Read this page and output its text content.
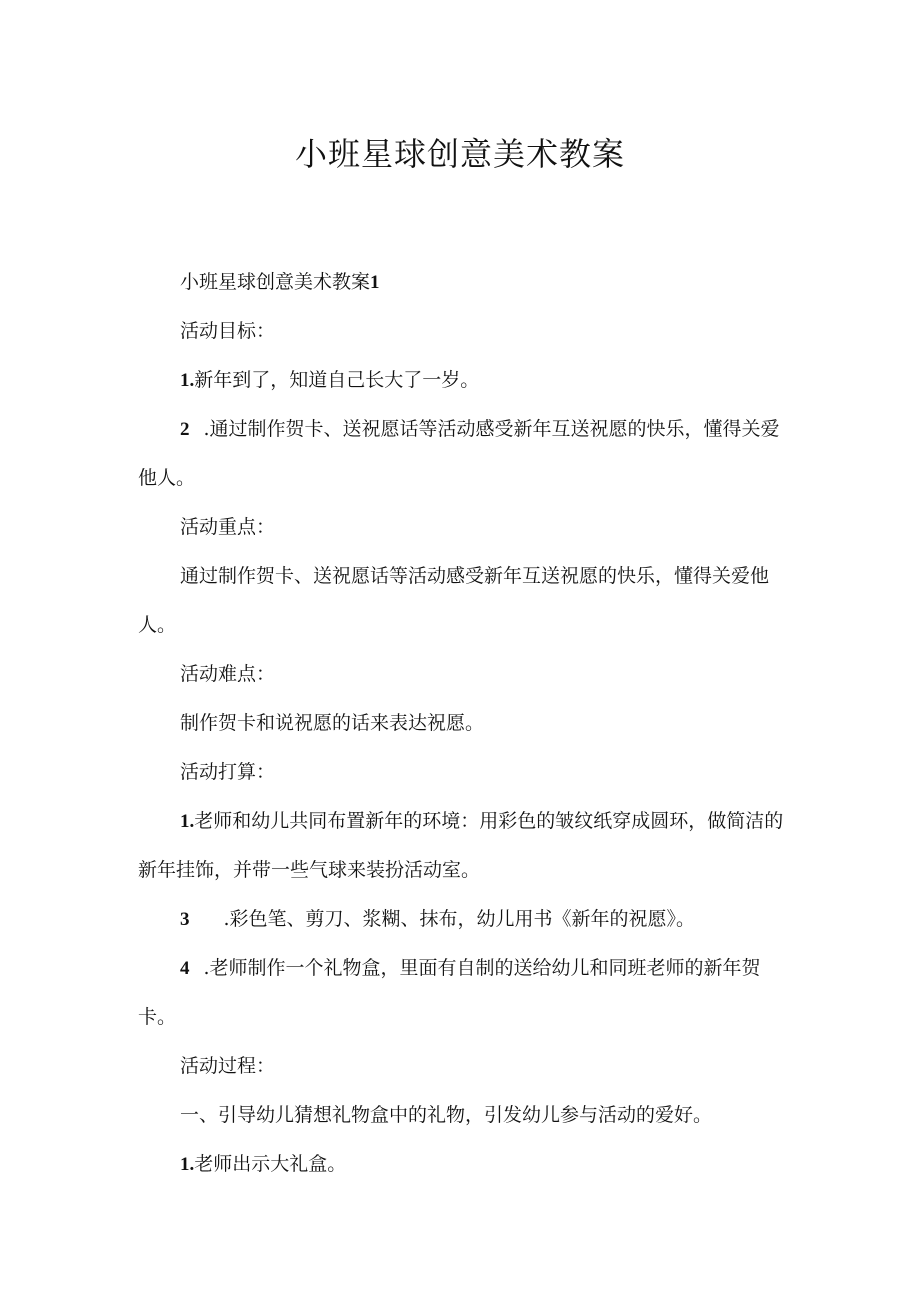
小班星球创意美术教案

小班星球创意美术教案1

活动目标：

1.新年到了，知道自己长大了一岁。

2 .通过制作贺卡、送祝愿话等活动感受新年互送祝愿的快乐，懂得关爱他人。

活动重点：

通过制作贺卡、送祝愿话等活动感受新年互送祝愿的快乐，懂得关爱他人。

活动难点：

制作贺卡和说祝愿的话来表达祝愿。

活动打算：

1.老师和幼儿共同布置新年的环境：用彩色的皱纹纸穿成圆环，做简洁的新年挂饰，并带一些气球来装扮活动室。

3 .彩色笔、剪刀、浆糊、抹布，幼儿用书《新年的祝愿》。

4 .老师制作一个礼物盒，里面有自制的送给幼儿和同班老师的新年贺卡。

活动过程：

一、引导幼儿猜想礼物盒中的礼物，引发幼儿参与活动的爱好。

1.老师出示大礼盒。
